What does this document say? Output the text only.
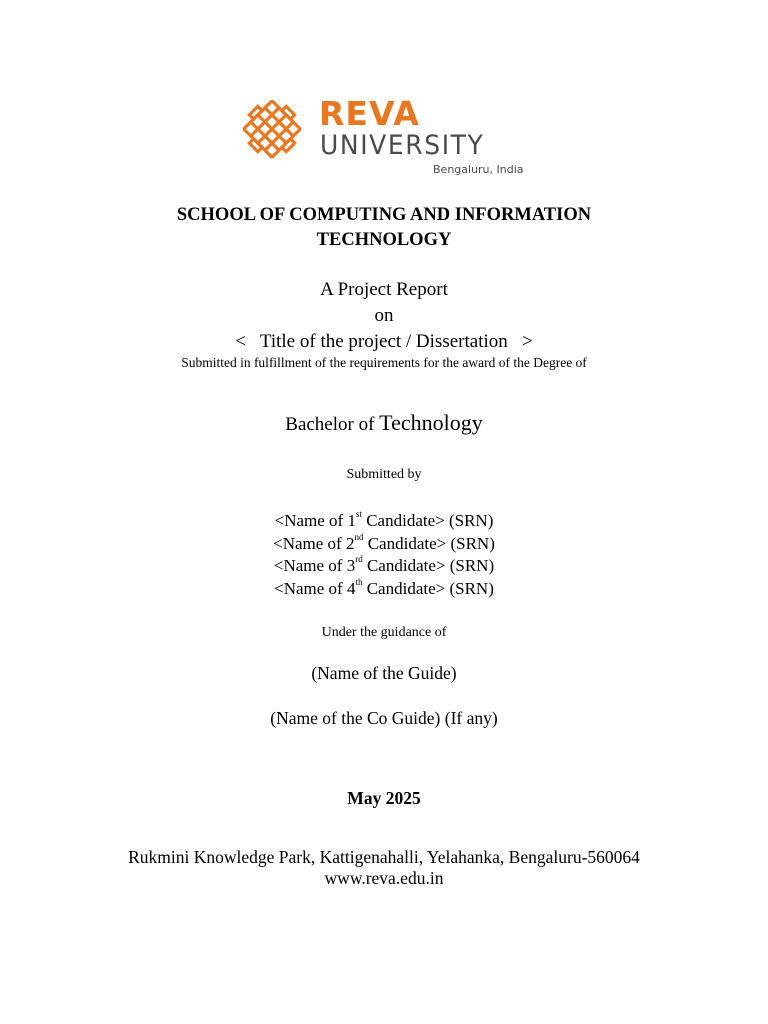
REVA
UNIVERSITY
Bengaluru, India
SCHOOL OF COMPUTING AND INFORMATION
TECHNOLOGY
A Project Report
on
<   Title of the project / Dissertation   >
Submitted in fulfillment of the requirements for the award of the Degree of
Bachelor of Technology
Submitted by
<Name of 1st Candidate> (SRN)
<Name of 2nd Candidate> (SRN)
<Name of 3rd Candidate> (SRN)
<Name of 4th Candidate> (SRN)
Under the guidance of
(Name of the Guide)
(Name of the Co Guide) (If any)
May 2025
Rukmini Knowledge Park, Kattigenahalli, Yelahanka, Bengaluru-560064
www.reva.edu.in
